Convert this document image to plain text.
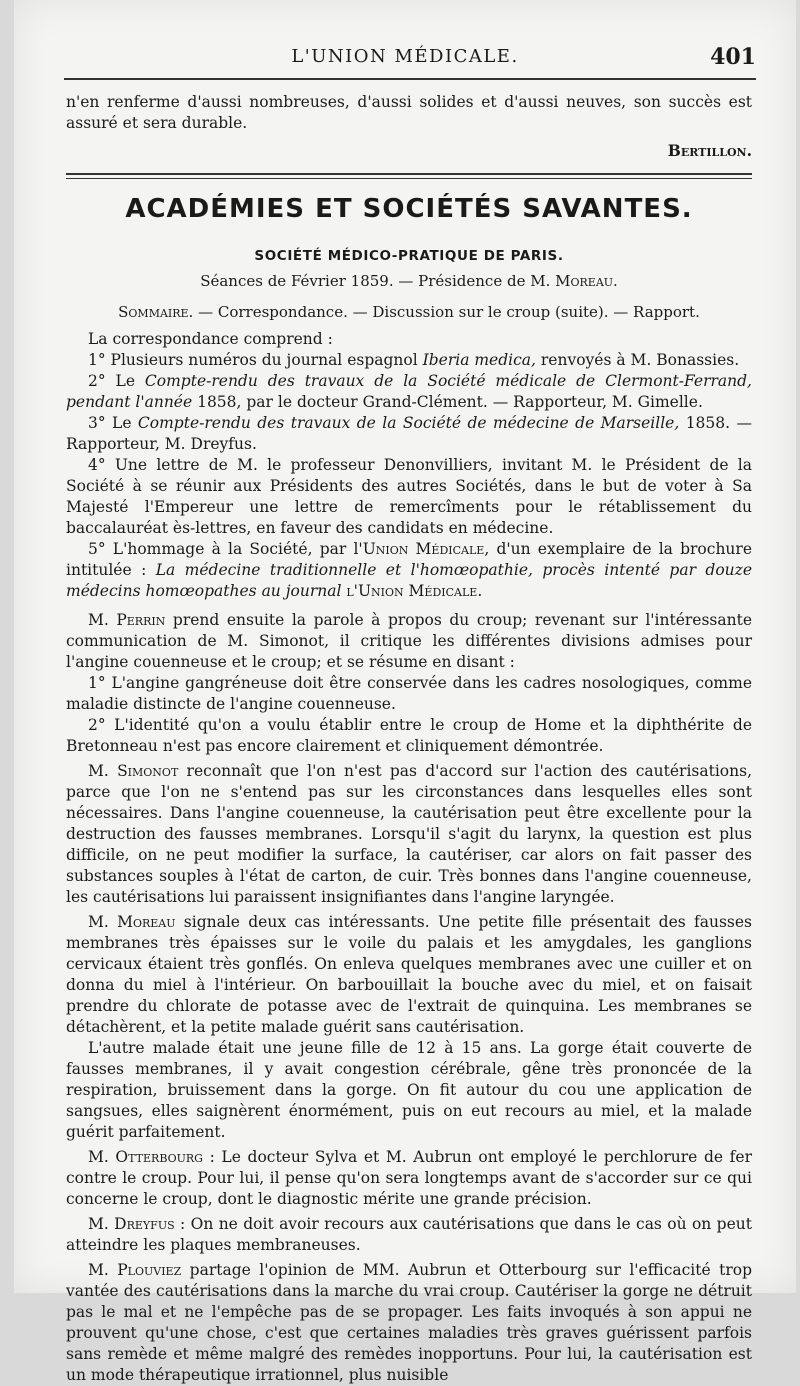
L'UNION MÉDICALE.	401

n'en renferme d'aussi nombreuses, d'aussi solides et d'aussi neuves, son succès est assuré et sera durable.

Bertillon.

ACADÉMIES ET SOCIÉTÉS SAVANTES.
SOCIÉTÉ MÉDICO-PRATIQUE DE PARIS.
Séances de Février 1859. — Présidence de M. Moreau.
Sommaire. — Correspondance. — Discussion sur le croup (suite). — Rapport.

La correspondance comprend :

1° Plusieurs numéros du journal espagnol Iberia medica, renvoyés à M. Bonassies.

2° Le Compte-rendu des travaux de la Société médicale de Clermont-Ferrand, pendant l'année 1858, par le docteur Grand-Clément. — Rapporteur, M. Gimelle.

3° Le Compte-rendu des travaux de la Société de médecine de Marseille, 1858. — Rapporteur, M. Dreyfus.

4° Une lettre de M. le professeur Denonvilliers, invitant M. le Président de la Société à se réunir aux Présidents des autres Sociétés, dans le but de voter à Sa Majesté l'Empereur une lettre de remercîments pour le rétablissement du baccalauréat ès-lettres, en faveur des candidats en médecine.

5° L'hommage à la Société, par l'Union Médicale, d'un exemplaire de la brochure intitulée : La médecine traditionnelle et l'homœopathie, procès intenté par douze médecins homœopathes au journal l'Union Médicale.

M. Perrin prend ensuite la parole à propos du croup; revenant sur l'intéressante communication de M. Simonot, il critique les différentes divisions admises pour l'angine couenneuse et le croup; et se résume en disant :

1° L'angine gangréneuse doit être conservée dans les cadres nosologiques, comme maladie distincte de l'angine couenneuse.

2° L'identité qu'on a voulu établir entre le croup de Home et la diphthérite de Bretonneau n'est pas encore clairement et cliniquement démontrée.

M. Simonot reconnaît que l'on n'est pas d'accord sur l'action des cautérisations, parce que l'on ne s'entend pas sur les circonstances dans lesquelles elles sont nécessaires. Dans l'angine couenneuse, la cautérisation peut être excellente pour la destruction des fausses membranes. Lorsqu'il s'agit du larynx, la question est plus difficile, on ne peut modifier la surface, la cautériser, car alors on fait passer des substances souples à l'état de carton, de cuir. Très bonnes dans l'angine couenneuse, les cautérisations lui paraissent insignifiantes dans l'angine laryngée.

M. Moreau signale deux cas intéressants. Une petite fille présentait des fausses membranes très épaisses sur le voile du palais et les amygdales, les ganglions cervicaux étaient très gonflés. On enleva quelques membranes avec une cuiller et on donna du miel à l'intérieur. On barbouillait la bouche avec du miel, et on faisait prendre du chlorate de potasse avec de l'extrait de quinquina. Les membranes se détachèrent, et la petite malade guérit sans cautérisation.

L'autre malade était une jeune fille de 12 à 15 ans. La gorge était couverte de fausses membranes, il y avait congestion cérébrale, gêne très prononcée de la respiration, bruissement dans la gorge. On fit autour du cou une application de sangsues, elles saignèrent énormément, puis on eut recours au miel, et la malade guérit parfaitement.

M. Otterbourg : Le docteur Sylva et M. Aubrun ont employé le perchlorure de fer contre le croup. Pour lui, il pense qu'on sera longtemps avant de s'accorder sur ce qui concerne le croup, dont le diagnostic mérite une grande précision.

M. Dreyfus : On ne doit avoir recours aux cautérisations que dans le cas où on peut atteindre les plaques membraneuses.

M. Plouviez partage l'opinion de MM. Aubrun et Otterbourg sur l'efficacité trop vantée des cautérisations dans la marche du vrai croup. Cautériser la gorge ne détruit pas le mal et ne l'empêche pas de se propager. Les faits invoqués à son appui ne prouvent qu'une chose, c'est que certaines maladies très graves guérissent parfois sans remède et même malgré des remèdes inopportuns. Pour lui, la cautérisation est un mode thérapeutique irrationnel, plus nuisible
